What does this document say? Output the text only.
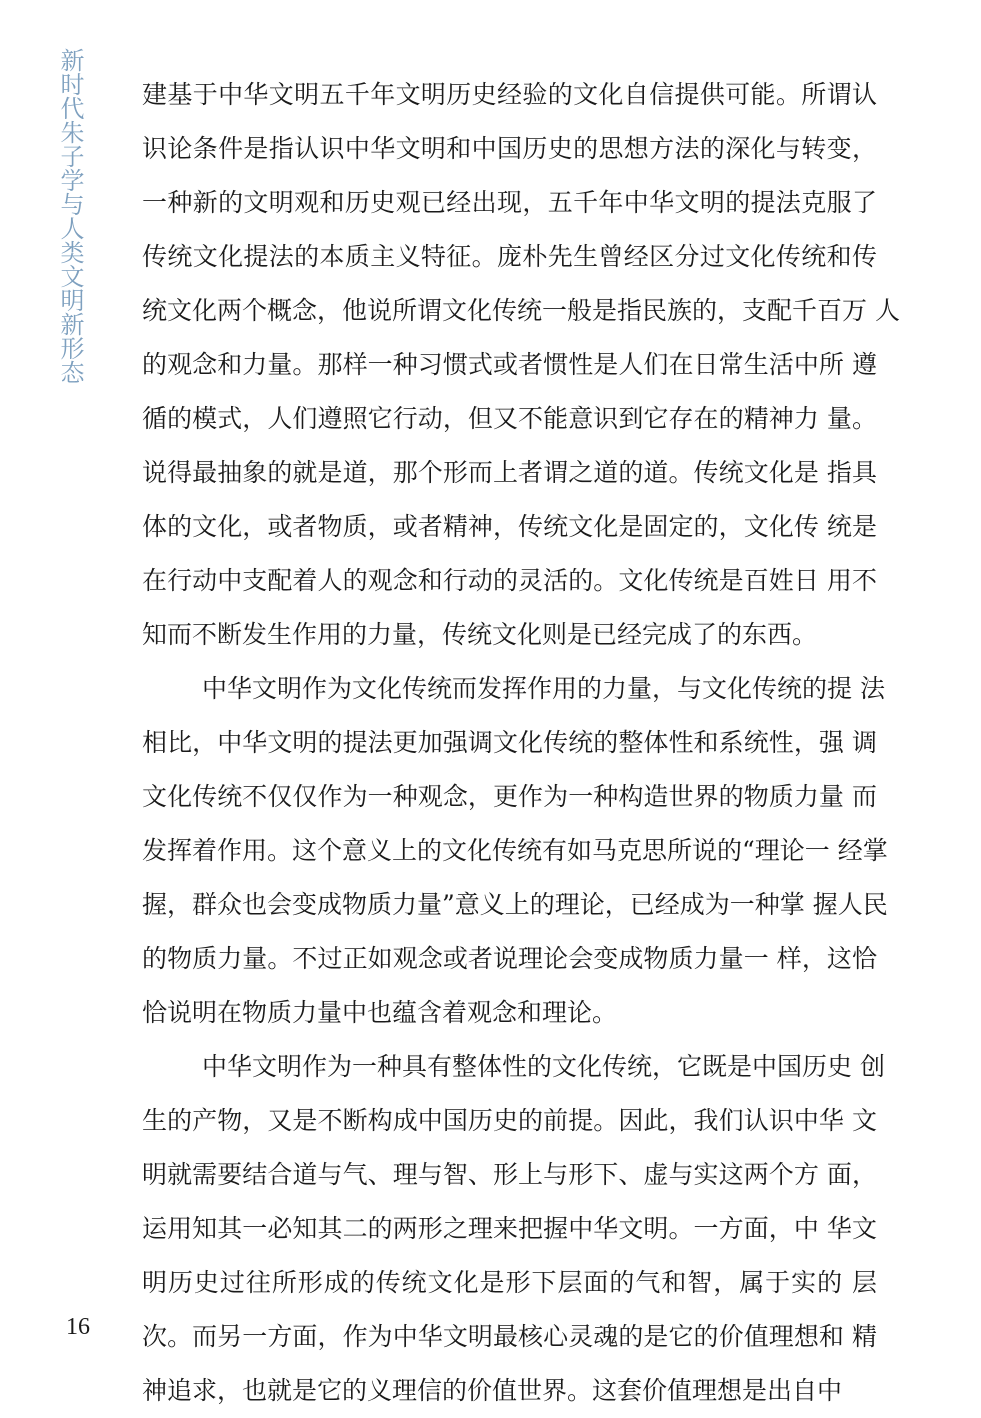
新时代朱子学与人类文明新形态 建基于中华文明五千年文明历史经验的文化自信提供可能。所谓认
识论条件是指认识中华文明和中国历史的思想方法的深化与转变，
一种新的文明观和历史观已经出现，五千年中华文明的提法克服了
传统文化提法的本质主义特征。庞朴先生曾经区分过文化传统和传
统文化两个概念，他说所谓文化传统一般是指民族的，支配千百万 人
的观念和力量。那样一种习惯式或者惯性是人们在日常生活中所 遵
循的模式，人们遵照它行动，但又不能意识到它存在的精神力 量。
说得最抽象的就是道，那个形而上者谓之道的道。传统文化是 指具
体的文化，或者物质，或者精神，传统文化是固定的，文化传 统是
在行动中支配着人的观念和行动的灵活的。文化传统是百姓日 用不
知而不断发生作用的力量，传统文化则是已经完成了的东西。
中华文明作为文化传统而发挥作用的力量，与文化传统的提 法
相比，中华文明的提法更加强调文化传统的整体性和系统性，强 调
文化传统不仅仅作为一种观念，更作为一种构造世界的物质力量 而
发挥着作用。这个意义上的文化传统有如马克思所说的“理论一 经掌
握，群众也会变成物质力量”意义上的理论，已经成为一种掌 握人民
的物质力量。不过正如观念或者说理论会变成物质力量一 样，这恰
恰说明在物质力量中也蕴含着观念和理论。
中华文明作为一种具有整体性的文化传统，它既是中国历史 创
生的产物，又是不断构成中国历史的前提。因此，我们认识中华 文
明就需要结合道与气、理与智、形上与形下、虚与实这两个方 面，
运用知其一必知其二的两形之理来把握中华文明。一方面，中 华文
明历史过往所形成的传统文化是形下层面的气和智，属于实的 层
次。而另一方面，作为中华文明最核心灵魂的是它的价值理想和 精
神追求，也就是它的义理信的价值世界。这套价值理想是出自中
16
